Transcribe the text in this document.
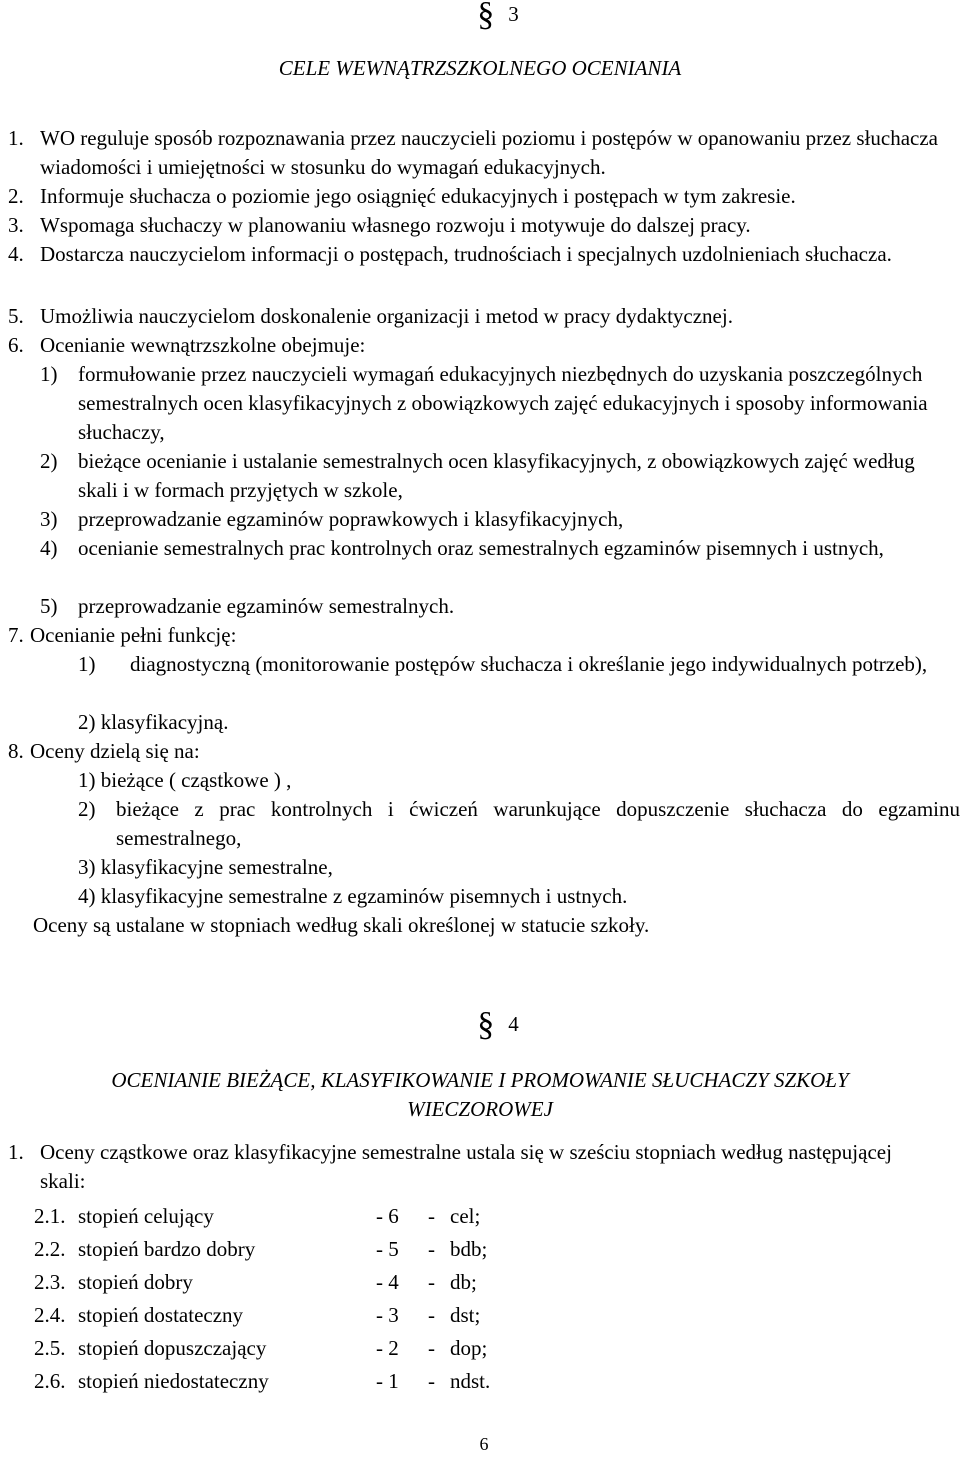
§ 3
CELE WEWNĄTRZSZKOLNEGO OCENIANIA
1. WO reguluje sposób rozpoznawania przez nauczycieli poziomu i postępów w opanowaniu przez słuchacza wiadomości i umiejętności w stosunku do wymagań edukacyjnych.
2. Informuje słuchacza o poziomie jego osiągnięć edukacyjnych i postępach w tym zakresie.
3. Wspomaga słuchaczy w planowaniu własnego rozwoju i motywuje do dalszej pracy.
4. Dostarcza nauczycielom informacji o postępach, trudnościach i specjalnych uzdolnieniach słuchacza.
5. Umożliwia nauczycielom doskonalenie organizacji i metod w pracy dydaktycznej.
6. Ocenianie wewnątrzszkolne obejmuje:
1) formułowanie przez nauczycieli wymagań edukacyjnych niezbędnych do uzyskania poszczególnych semestralnych ocen klasyfikacyjnych z obowiązkowych zajęć edukacyjnych i sposoby informowania słuchaczy,
2) bieżące ocenianie i ustalanie semestralnych ocen klasyfikacyjnych, z obowiązkowych zajęć według skali i w formach przyjętych w szkole,
3) przeprowadzanie egzaminów poprawkowych i klasyfikacyjnych,
4) ocenianie semestralnych prac kontrolnych oraz semestralnych egzaminów pisemnych i ustnych,
5) przeprowadzanie egzaminów semestralnych.
7. Ocenianie pełni funkcję:
1) diagnostyczną (monitorowanie postępów słuchacza i określanie jego indywidualnych potrzeb),
2) klasyfikacyjną.
8. Oceny dzielą się na:
1) bieżące ( cząstkowe ) ,
2) bieżące z prac kontrolnych i ćwiczeń warunkujące dopuszczenie słuchacza do egzaminu semestralnego,
3) klasyfikacyjne semestralne,
4) klasyfikacyjne semestralne z egzaminów pisemnych i ustnych.
Oceny są ustalane w stopniach według skali określonej w statucie szkoły.
§ 4
OCENIANIE BIEŻĄCE, KLASYFIKOWANIE I PROMOWANIE SŁUCHACZY SZKOŁY
WIECZOROWEJ
1. Oceny cząstkowe oraz klasyfikacyjne semestralne ustala się w sześciu stopniach według następującej skali:
2.1. stopień celujący	- 6 - cel;
2.2. stopień bardzo dobry	- 5 - bdb;
2.3. stopień dobry	- 4 - db;
2.4. stopień dostateczny	- 3 - dst;
2.5. stopień dopuszczający	- 2 - dop;
2.6. stopień niedostateczny	- 1 - ndst.
6
